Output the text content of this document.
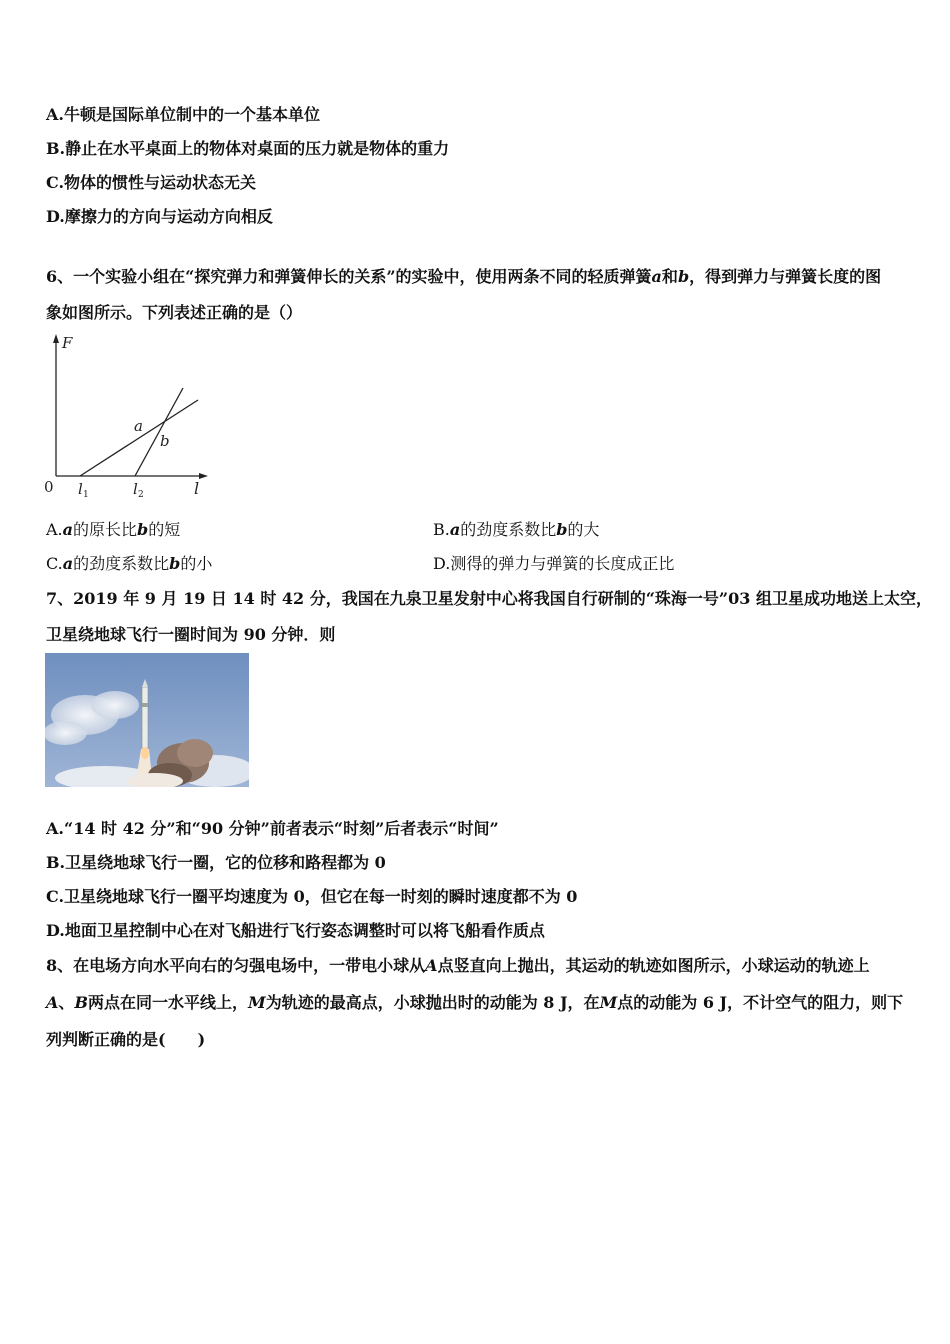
A.牛顿是国际单位制中的一个基本单位
B.静止在水平桌面上的物体对桌面的压力就是物体的重力
C.物体的惯性与运动状态无关
D.摩擦力的方向与运动方向相反
6、一个实验小组在“探究弹力和弹簧伸长的关系”的实验中，使用两条不同的轻质弹簧a和b，得到弹力与弹簧长度的图
象如图所示。下列表述正确的是（）
F
l
0 l 1	l 2
a
b
A.a的原长比b的短	B.a的劲度系数比b的大
C.a的劲度系数比b的小	D.测得的弹力与弹簧的长度成正比
7、2019 年 9 月 19 日 14 时 42 分，我国在九泉卫星发射中心将我国自行研制的“珠海一号”03 组卫星成功地送上太空，
卫星绕地球飞行一圈时间为 90 分钟．则
A.“14 时 42 分”和“90 分钟”前者表示“时刻”后者表示“时间”
B.卫星绕地球飞行一圈，它的位移和路程都为 0
C.卫星绕地球飞行一圈平均速度为 0，但它在每一时刻的瞬时速度都不为 0
D.地面卫星控制中心在对飞船进行飞行姿态调整时可以将飞船看作质点
8、在电场方向水平向右的匀强电场中，一带电小球从A点竖直向上抛出，其运动的轨迹如图所示，小球运动的轨迹上
A、B两点在同一水平线上，M为轨迹的最高点，小球抛出时的动能为 8 J，在M点的动能为 6 J，不计空气的阻力，则下
列判断正确的是(　　)
